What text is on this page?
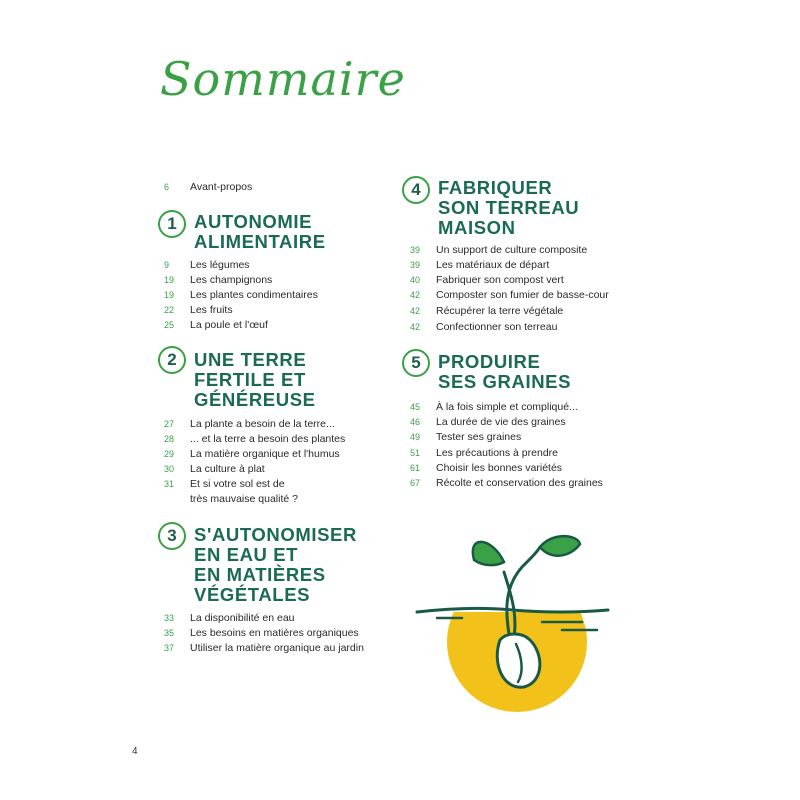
Sommaire
6 Avant-propos
1 AUTONOMIE
ALIMENTAIRE
9 Les légumes
19 Les champignons
19 Les plantes condimentaires
22 Les fruits
25 La poule et l'œuf
2 UNE TERRE
FERTILE ET
GÉNÉREUSE
27 La plante a besoin de la terre...
28 ... et la terre a besoin des plantes
29 La matière organique et l'humus
30 La culture à plat
31 Et si votre sol est de
très mauvaise qualité ?
3 S'AUTONOMISER
EN EAU ET
EN MATIÈRES
VÉGÉTALES
33 La disponibilité en eau
35 Les besoins en matières organiques
37 Utiliser la matière organique au jardin
4 FABRIQUER
SON TERREAU
MAISON
39 Un support de culture composite
39 Les matériaux de départ
40 Fabriquer son compost vert
42 Composter son fumier de basse-cour
42 Récupérer la terre végétale
42 Confectionner son terreau
5 PRODUIRE
SES GRAINES
45 À la fois simple et compliqué...
46 La durée de vie des graines
49 Tester ses graines
51 Les précautions à prendre
61 Choisir les bonnes variétés
67 Récolte et conservation des graines
4
